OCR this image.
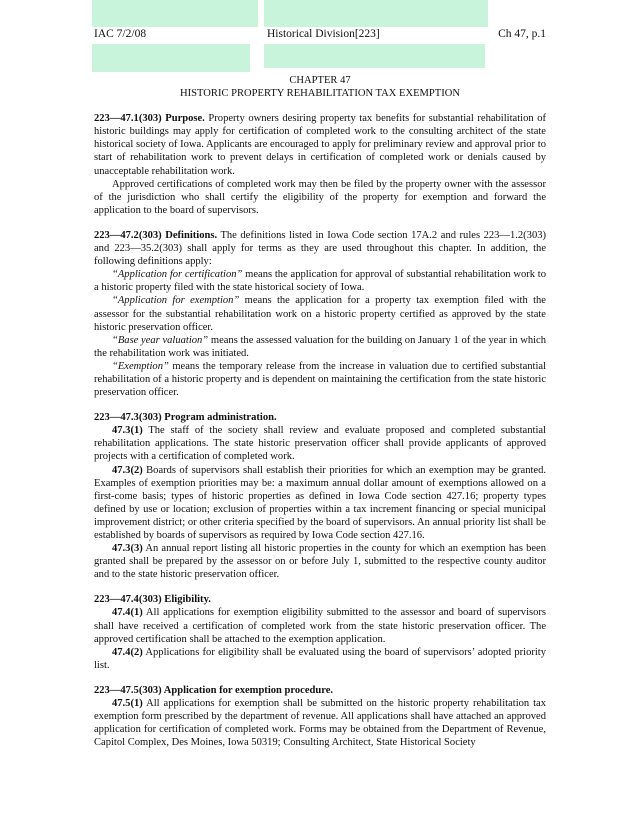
IAC 7/2/08	Historical Division[223]	Ch 47, p.1

CHAPTER 47

HISTORIC PROPERTY REHABILITATION TAX EXEMPTION

223—47.1(303) Purpose. Property owners desiring property tax benefits for substantial rehabilitation of historic buildings may apply for certification of completed work to the consulting architect of the state historical society of Iowa. Applicants are encouraged to apply for preliminary review and approval prior to start of rehabilitation work to prevent delays in certification of completed work or denials caused by unacceptable rehabilitation work.

Approved certifications of completed work may then be filed by the property owner with the assessor of the jurisdiction who shall certify the eligibility of the property for exemption and forward the application to the board of supervisors.

223—47.2(303) Definitions. The definitions listed in Iowa Code section 17A.2 and rules 223—1.2(303) and 223—35.2(303) shall apply for terms as they are used throughout this chapter. In addition, the following definitions apply:

“Application for certification” means the application for approval of substantial rehabilitation work to a historic property filed with the state historical society of Iowa.

“Application for exemption” means the application for a property tax exemption filed with the assessor for the substantial rehabilitation work on a historic property certified as approved by the state historic preservation officer.

“Base year valuation” means the assessed valuation for the building on January 1 of the year in which the rehabilitation work was initiated.

“Exemption” means the temporary release from the increase in valuation due to certified substantial rehabilitation of a historic property and is dependent on maintaining the certification from the state historic preservation officer.

223—47.3(303) Program administration.

47.3(1) The staff of the society shall review and evaluate proposed and completed substantial rehabilitation applications. The state historic preservation officer shall provide applicants of approved projects with a certification of completed work.

47.3(2) Boards of supervisors shall establish their priorities for which an exemption may be granted. Examples of exemption priorities may be: a maximum annual dollar amount of exemptions allowed on a first-come basis; types of historic properties as defined in Iowa Code section 427.16; property types defined by use or location; exclusion of properties within a tax increment financing or special municipal improvement district; or other criteria specified by the board of supervisors. An annual priority list shall be established by boards of supervisors as required by Iowa Code section 427.16.

47.3(3) An annual report listing all historic properties in the county for which an exemption has been granted shall be prepared by the assessor on or before July 1, submitted to the respective county auditor and to the state historic preservation officer.

223—47.4(303) Eligibility.

47.4(1) All applications for exemption eligibility submitted to the assessor and board of supervisors shall have received a certification of completed work from the state historic preservation officer. The approved certification shall be attached to the exemption application.

47.4(2) Applications for eligibility shall be evaluated using the board of supervisors’ adopted priority list.

223—47.5(303) Application for exemption procedure.

47.5(1) All applications for exemption shall be submitted on the historic property rehabilitation tax exemption form prescribed by the department of revenue. All applications shall have attached an approved application for certification of completed work. Forms may be obtained from the Department of Revenue, Capitol Complex, Des Moines, Iowa 50319; Consulting Architect, State Historical Society
